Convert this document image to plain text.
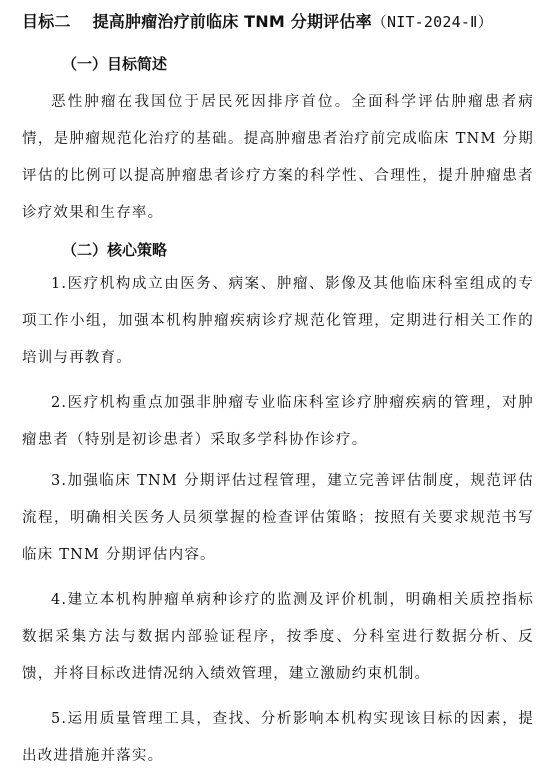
目标二 提高肿瘤治疗前临床 TNM 分期评估率（NIT-2024-Ⅱ）
（一）目标简述
恶性肿瘤在我国位于居民死因排序首位。全面科学评估肿瘤患者病情，是肿瘤规范化治疗的基础。提高肿瘤患者治疗前完成临床 TNM 分期评估的比例可以提高肿瘤患者诊疗方案的科学性、合理性，提升肿瘤患者诊疗效果和生存率。
（二）核心策略
1.医疗机构成立由医务、病案、肿瘤、影像及其他临床科室组成的专项工作小组，加强本机构肿瘤疾病诊疗规范化管理，定期进行相关工作的培训与再教育。
2.医疗机构重点加强非肿瘤专业临床科室诊疗肿瘤疾病的管理，对肿瘤患者（特别是初诊患者）采取多学科协作诊疗。
3.加强临床 TNM 分期评估过程管理，建立完善评估制度，规范评估流程，明确相关医务人员须掌握的检查评估策略；按照有关要求规范书写临床 TNM 分期评估内容。
4.建立本机构肿瘤单病种诊疗的监测及评价机制，明确相关质控指标数据采集方法与数据内部验证程序，按季度、分科室进行数据分析、反馈，并将目标改进情况纳入绩效管理，建立激励约束机制。
5.运用质量管理工具，查找、分析影响本机构实现该目标的因素，提出改进措施并落实。
